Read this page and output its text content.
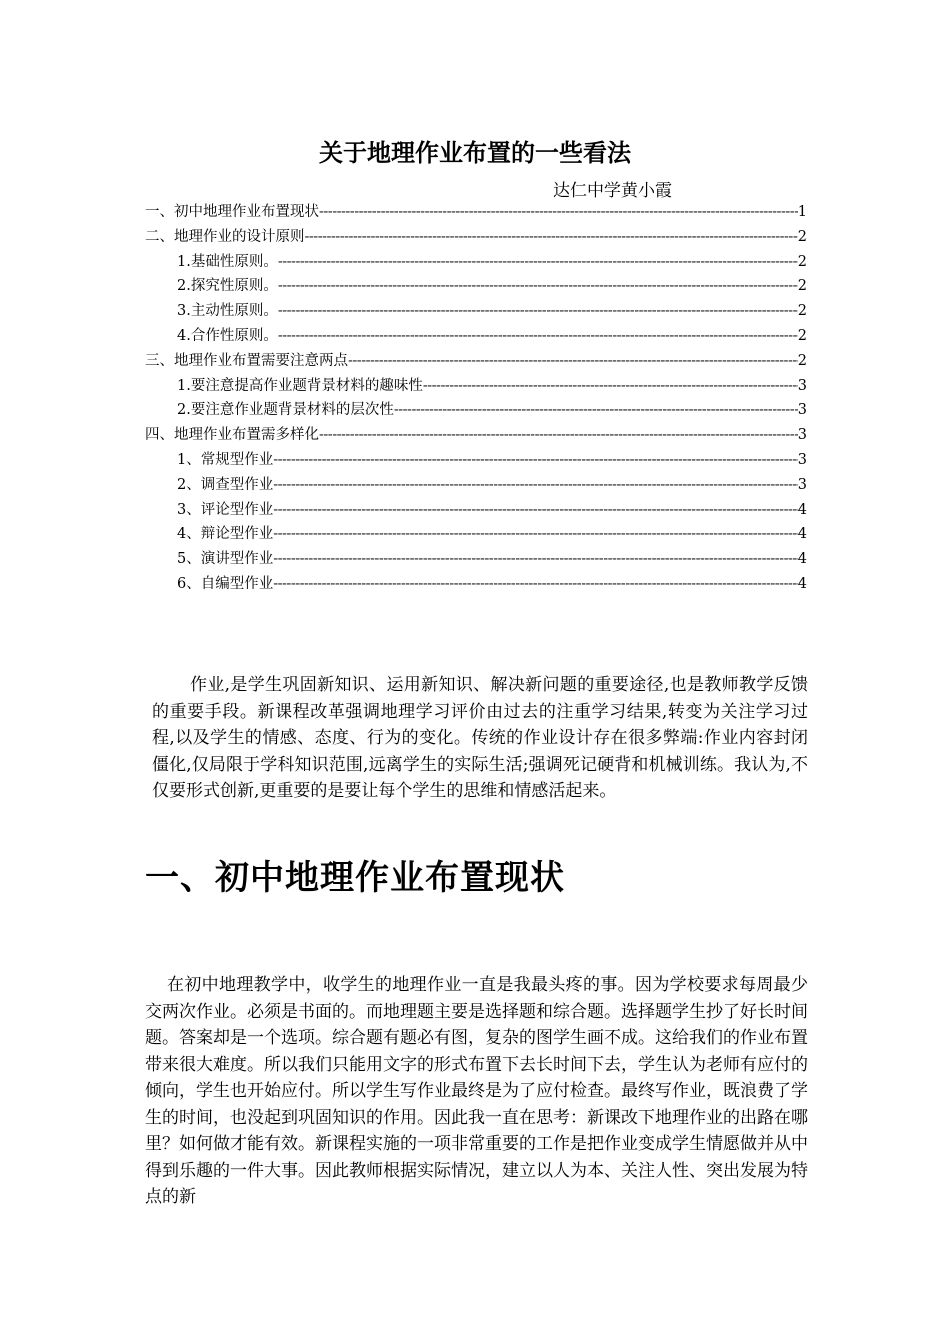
关于地理作业布置的一些看法
达仁中学黄小霞
一、初中地理作业布置现状 -----	1
二、地理作业的设计原则 -----	2
1.基础性原则。 -----	2
2.探究性原则。 -----	2
3.主动性原则。 -----	2
4.合作性原则。 -----	2
三、地理作业布置需要注意两点 -----	2
1.要注意提高作业题背景材料的趣味性 -----	3
2.要注意作业题背景材料的层次性 -----	3
四、地理作业布置需多样化 -----	3
1、常规型作业 -----	3
2、调查型作业 -----	3
3、评论型作业 -----	4
4、辩论型作业 -----	4
5、演讲型作业 -----	4
6、自编型作业 -----	4

作业,是学生巩固新知识、运用新知识、解决新问题的重要途径,也是教师教学反馈的重要手段。新课程改革强调地理学习评价由过去的注重学习结果,转变为关注学习过程,以及学生的情感、态度、行为的变化。传统的作业设计存在很多弊端:作业内容封闭僵化,仅局限于学科知识范围,远离学生的实际生活;强调死记硬背和机械训练。我认为,不仅要形式创新,更重要的是要让每个学生的思维和情感活起来。

一、初中地理作业布置现状

在初中地理教学中，收学生的地理作业一直是我最头疼的事。因为学校要求每周最少交两次作业。必须是书面的。而地理题主要是选择题和综合题。选择题学生抄了好长时间题。答案却是一个选项。综合题有题必有图，复杂的图学生画不成。这给我们的作业布置带来很大难度。所以我们只能用文字的形式布置下去长时间下去，学生认为老师有应付的倾向，学生也开始应付。所以学生写作业最终是为了应付检查。最终写作业，既浪费了学生的时间，也没起到巩固知识的作用。因此我一直在思考：新课改下地理作业的出路在哪里？如何做才能有效。新课程实施的一项非常重要的工作是把作业变成学生情愿做并从中得到乐趣的一件大事。因此教师根据实际情况，建立以人为本、关注人性、突出发展为特点的新
